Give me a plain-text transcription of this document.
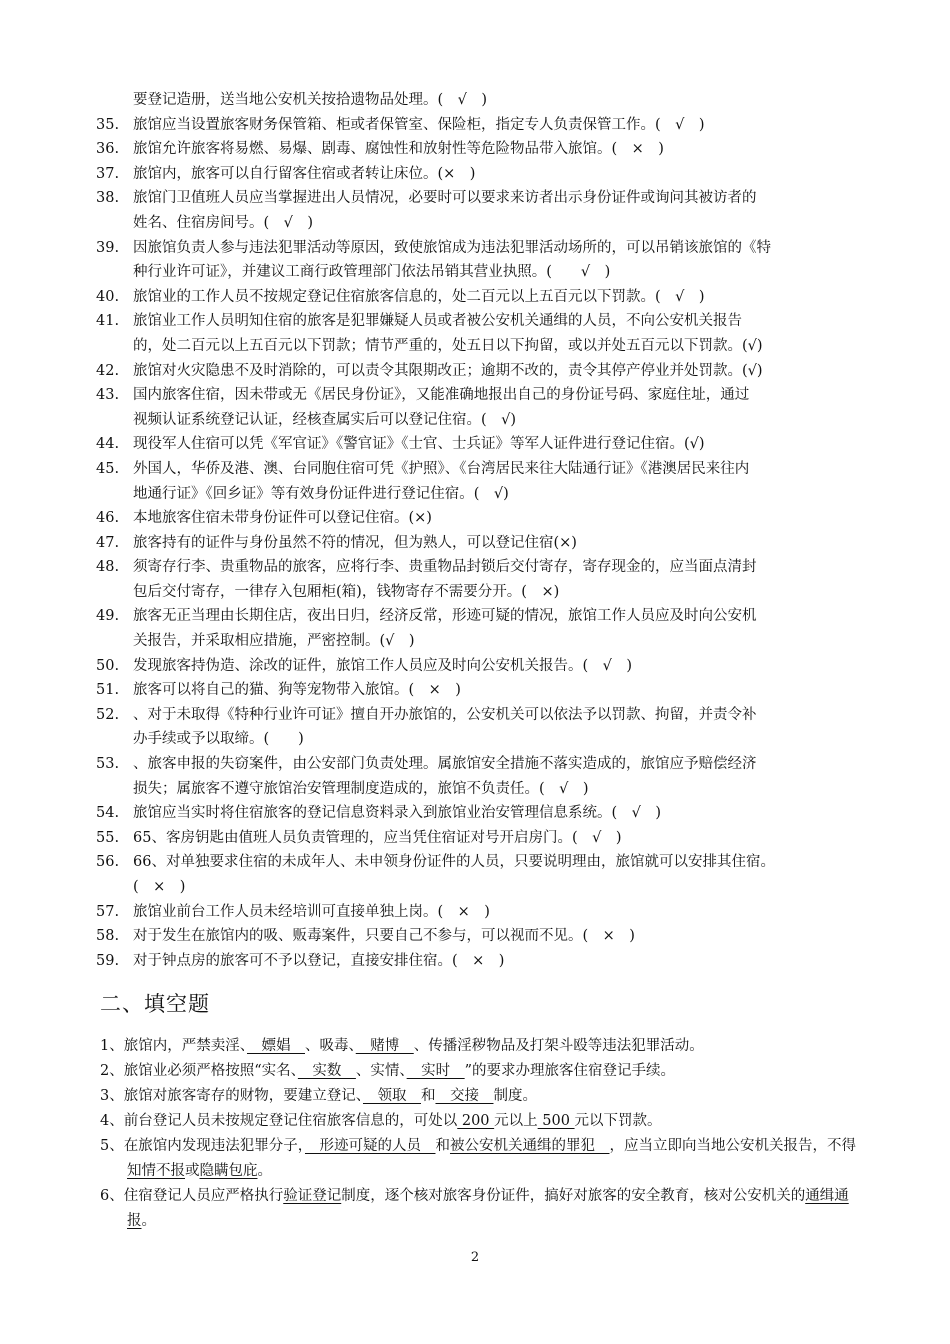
要登记造册，送当地公安机关按拾遗物品处理。(　√　)
35. 旅馆应当设置旅客财务保管箱、柜或者保管室、保险柜，指定专人负责保管工作。(　√　)
36. 旅馆允许旅客将易燃、易爆、剧毒、腐蚀性和放射性等危险物品带入旅馆。(　×　)
37. 旅馆内，旅客可以自行留客住宿或者转让床位。(×　)
38. 旅馆门卫值班人员应当掌握进出人员情况，必要时可以要求来访者出示身份证件或询问其被访者的
姓名、住宿房间号。(　√　)
39. 因旅馆负责人参与违法犯罪活动等原因，致使旅馆成为违法犯罪活动场所的，可以吊销该旅馆的《特
种行业许可证》，并建议工商行政管理部门依法吊销其营业执照。(　　√　)
40. 旅馆业的工作人员不按规定登记住宿旅客信息的，处二百元以上五百元以下罚款。(　√　)
41. 旅馆业工作人员明知住宿的旅客是犯罪嫌疑人员或者被公安机关通缉的人员，不向公安机关报告
的，处二百元以上五百元以下罚款；情节严重的，处五日以下拘留，或以并处五百元以下罚款。(√)
42. 旅馆对火灾隐患不及时消除的，可以责令其限期改正；逾期不改的，责令其停产停业并处罚款。(√)
43. 国内旅客住宿，因未带或无《居民身份证》，又能准确地报出自己的身份证号码、家庭住址，通过
视频认证系统登记认证，经核查属实后可以登记住宿。(　√)
44. 现役军人住宿可以凭《军官证》《警官证》《士官、士兵证》等军人证件进行登记住宿。(√)
45. 外国人，华侨及港、澳、台同胞住宿可凭《护照》、《台湾居民来往大陆通行证》《港澳居民来往内
地通行证》《回乡证》等有效身份证件进行登记住宿。(　√)
46. 本地旅客住宿未带身份证件可以登记住宿。(×)
47. 旅客持有的证件与身份虽然不符的情况，但为熟人，可以登记住宿(×)
48. 须寄存行李、贵重物品的旅客，应将行李、贵重物品封锁后交付寄存，寄存现金的，应当面点清封
包后交付寄存，一律存入包厢柜(箱)，钱物寄存不需要分开。(　×)
49. 旅客无正当理由长期住店，夜出日归，经济反常，形迹可疑的情况，旅馆工作人员应及时向公安机
关报告，并采取相应措施，严密控制。(√　)
50. 发现旅客持伪造、涂改的证件，旅馆工作人员应及时向公安机关报告。(　√　)
51. 旅客可以将自己的猫、狗等宠物带入旅馆。(　×　)
52. 、对于未取得《特种行业许可证》擅自开办旅馆的，公安机关可以依法予以罚款、拘留，并责令补
办手续或予以取缔。(　　)
53. 、旅客申报的失窃案件，由公安部门负责处理。属旅馆安全措施不落实造成的，旅馆应予赔偿经济
损失；属旅客不遵守旅馆治安管理制度造成的，旅馆不负责任。(　√　)
54. 旅馆应当实时将住宿旅客的登记信息资料录入到旅馆业治安管理信息系统。(　√　)
55. 65、客房钥匙由值班人员负责管理的，应当凭住宿证对号开启房门。(　√　)
56. 66、对单独要求住宿的未成年人、未申领身份证件的人员，只要说明理由，旅馆就可以安排其住宿。
(　×　)
57. 旅馆业前台工作人员未经培训可直接单独上岗。(　×　)
58. 对于发生在旅馆内的吸、贩毒案件，只要自己不参与，可以视而不见。(　×　)
59. 对于钟点房的旅客可不予以登记，直接安排住宿。(　×　)
二、填空题
1、旅馆内，严禁卖淫、　嫖娼　、吸毒、　赌博　、传播淫秽物品及打架斗殴等违法犯罪活动。
2、旅馆业必须严格按照“实名、　实数　、实情、　实时　”的要求办理旅客住宿登记手续。
3、旅馆对旅客寄存的财物，要建立登记、　领取　和　交接　制度。
4、前台登记人员未按规定登记住宿旅客信息的，可处以 200 元以上 500 元以下罚款。
5、在旅馆内发现违法犯罪分子，　形迹可疑的人员　和被公安机关通缉的罪犯　，应当立即向当地公安机关报告，不得知情不报或隐瞒包庇。
6、住宿登记人员应严格执行验证登记制度，逐个核对旅客身份证件，搞好对旅客的安全教育，核对公安机关的通缉通报。
2
